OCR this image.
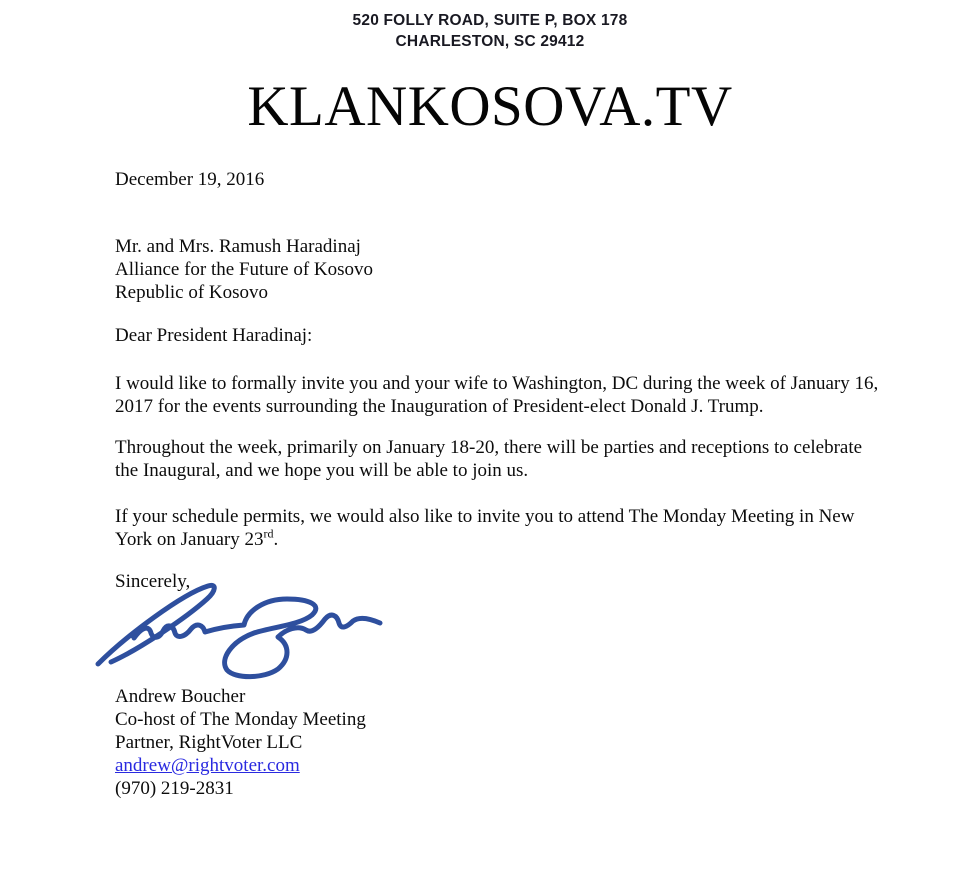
520 FOLLY ROAD, SUITE P, BOX 178
CHARLESTON, SC 29412
KLANKOSOVA.TV

December 19, 2016

Mr. and Mrs. Ramush Haradinaj
Alliance for the Future of Kosovo
Republic of Kosovo

Dear President Haradinaj:

I would like to formally invite you and your wife to Washington, DC during the week of January 16, 2017 for the events surrounding the Inauguration of President-elect Donald J. Trump.

Throughout the week, primarily on January 18-20, there will be parties and receptions to celebrate the Inaugural, and we hope you will be able to join us.

If your schedule permits, we would also like to invite you to attend The Monday Meeting in New York on January 23rd.

Sincerely,

Andrew Boucher
Co-host of The Monday Meeting
Partner, RightVoter LLC
andrew@rightvoter.com
(970) 219-2831
